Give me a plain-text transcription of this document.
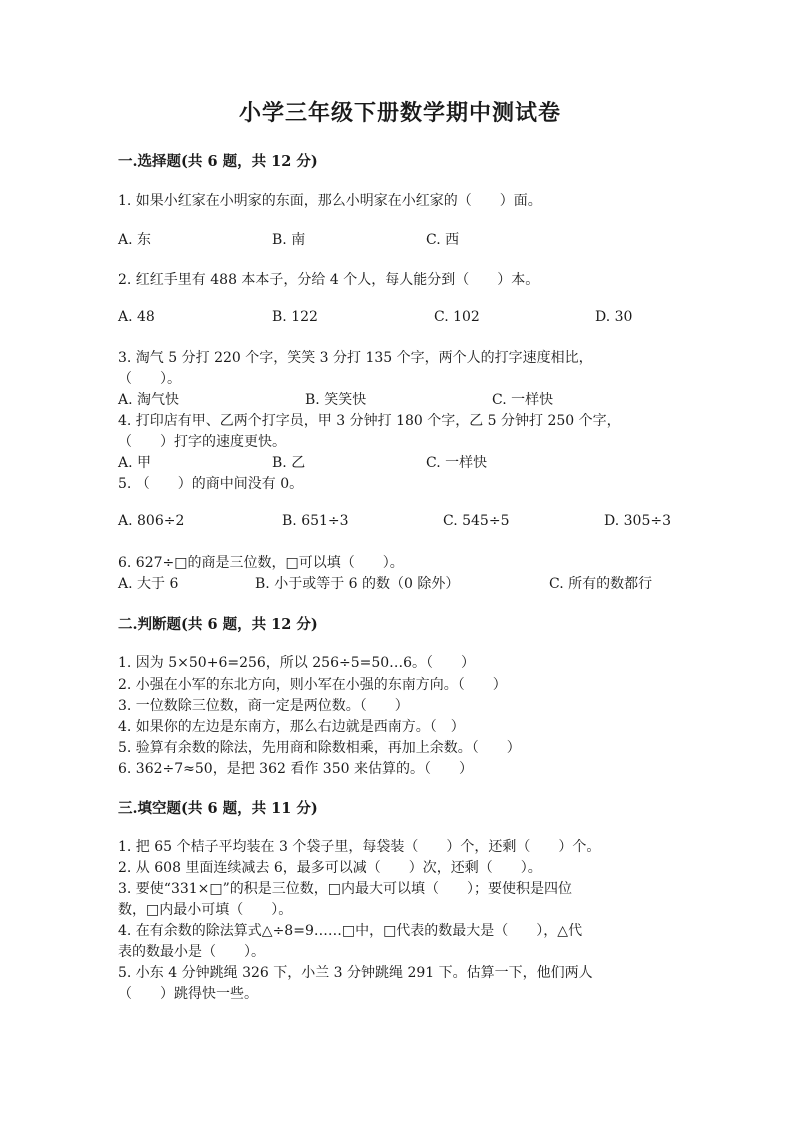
小学三年级下册数学期中测试卷
一.选择题(共 6 题，共 12 分)
1. 如果小红家在小明家的东面，那么小明家在小红家的（　　）面。
A. 东	B. 南	C. 西
2. 红红手里有 488 本本子，分给 4 个人，每人能分到（　　）本。
A. 48	B. 122	C. 102	D. 30
3. 淘气 5 分打 220 个字，笑笑 3 分打 135 个字，两个人的打字速度相比，
（　　）。
A. 淘气快	B. 笑笑快	C. 一样快
4. 打印店有甲、乙两个打字员，甲 3 分钟打 180 个字，乙 5 分钟打 250 个字，
（　　）打字的速度更快。
A. 甲	B. 乙	C. 一样快
5. （　　）的商中间没有 0。
A. 806÷2	B. 651÷3	C. 545÷5	D. 305÷3
6. 627÷□的商是三位数，□可以填（　　）。
A. 大于 6	B. 小于或等于 6 的数（0 除外）	C. 所有的数都行
二.判断题(共 6 题，共 12 分)
1. 因为 5×50+6=256，所以 256÷5=50…6。（　　）
2. 小强在小军的东北方向，则小军在小强的东南方向。（　　）
3. 一位数除三位数，商一定是两位数。（　　）
4. 如果你的左边是东南方，那么右边就是西南方。（　）
5. 验算有余数的除法，先用商和除数相乘，再加上余数。（　　）
6. 362÷7≈50，是把 362 看作 350 来估算的。（　　）
三.填空题(共 6 题，共 11 分)
1. 把 65 个桔子平均装在 3 个袋子里，每袋装（　　）个，还剩（　　）个。
2. 从 608 里面连续减去 6，最多可以减（　　）次，还剩（　　）。
3. 要使“331×□”的积是三位数，□内最大可以填（　　）；要使积是四位
数，□内最小可填（　　）。
4. 在有余数的除法算式△÷8=9……□中，□代表的数最大是（　　），△代
表的数最小是（　　）。
5. 小东 4 分钟跳绳 326 下，小兰 3 分钟跳绳 291 下。估算一下，他们两人
（　　）跳得快一些。
